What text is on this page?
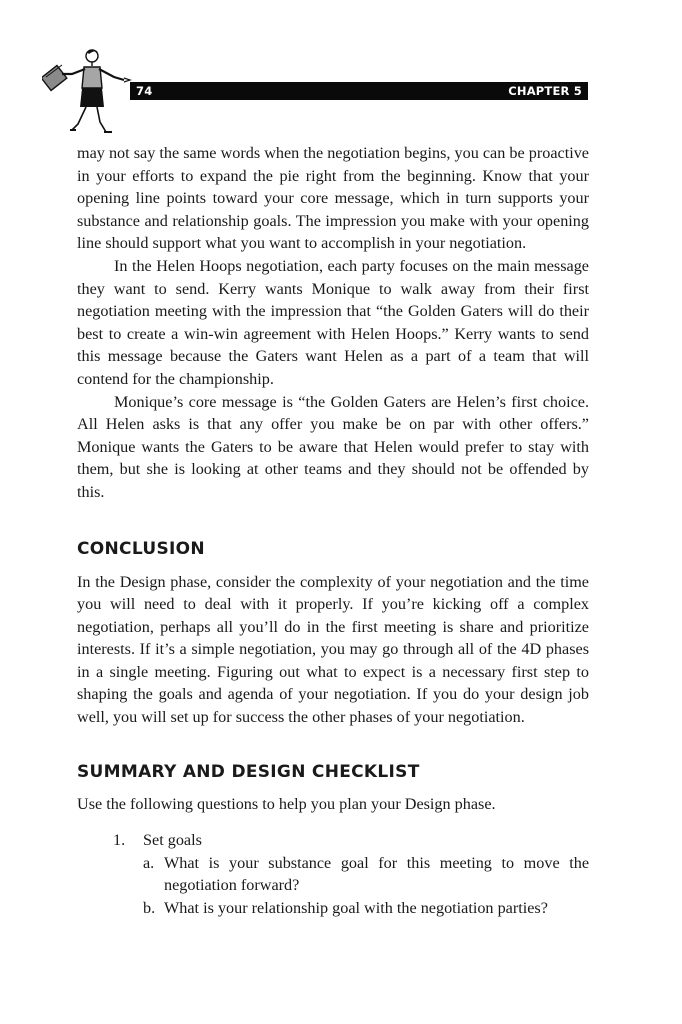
74	CHAPTER 5

may not say the same words when the negotiation begins, you can be proactive in your efforts to expand the pie right from the beginning. Know that your opening line points toward your core message, which in turn supports your substance and relationship goals. The impression you make with your opening line should support what you want to accomplish in your negotiation.

In the Helen Hoops negotiation, each party focuses on the main message they want to send. Kerry wants Monique to walk away from their first negotiation meeting with the impression that “the Golden Gaters will do their best to create a win-win agreement with Helen Hoops.” Kerry wants to send this message because the Gaters want Helen as a part of a team that will contend for the championship.

Monique’s core message is “the Golden Gaters are Helen’s first choice. All Helen asks is that any offer you make be on par with other offers.” Monique wants the Gaters to be aware that Helen would prefer to stay with them, but she is looking at other teams and they should not be offended by this.

CONCLUSION

In the Design phase, consider the complexity of your negotiation and the time you will need to deal with it properly. If you’re kicking off a complex negotiation, perhaps all you’ll do in the first meeting is share and prioritize interests. If it’s a simple negotiation, you may go through all of the 4D phases in a single meeting. Figuring out what to expect is a necessary first step to shaping the goals and agenda of your negotiation. If you do your design job well, you will set up for success the other phases of your negotiation.

SUMMARY AND DESIGN CHECKLIST

Use the following questions to help you plan your Design phase.

1.	Set goals
a. What is your substance goal for this meeting to move the negotiation forward?
b. What is your relationship goal with the negotiation parties?
